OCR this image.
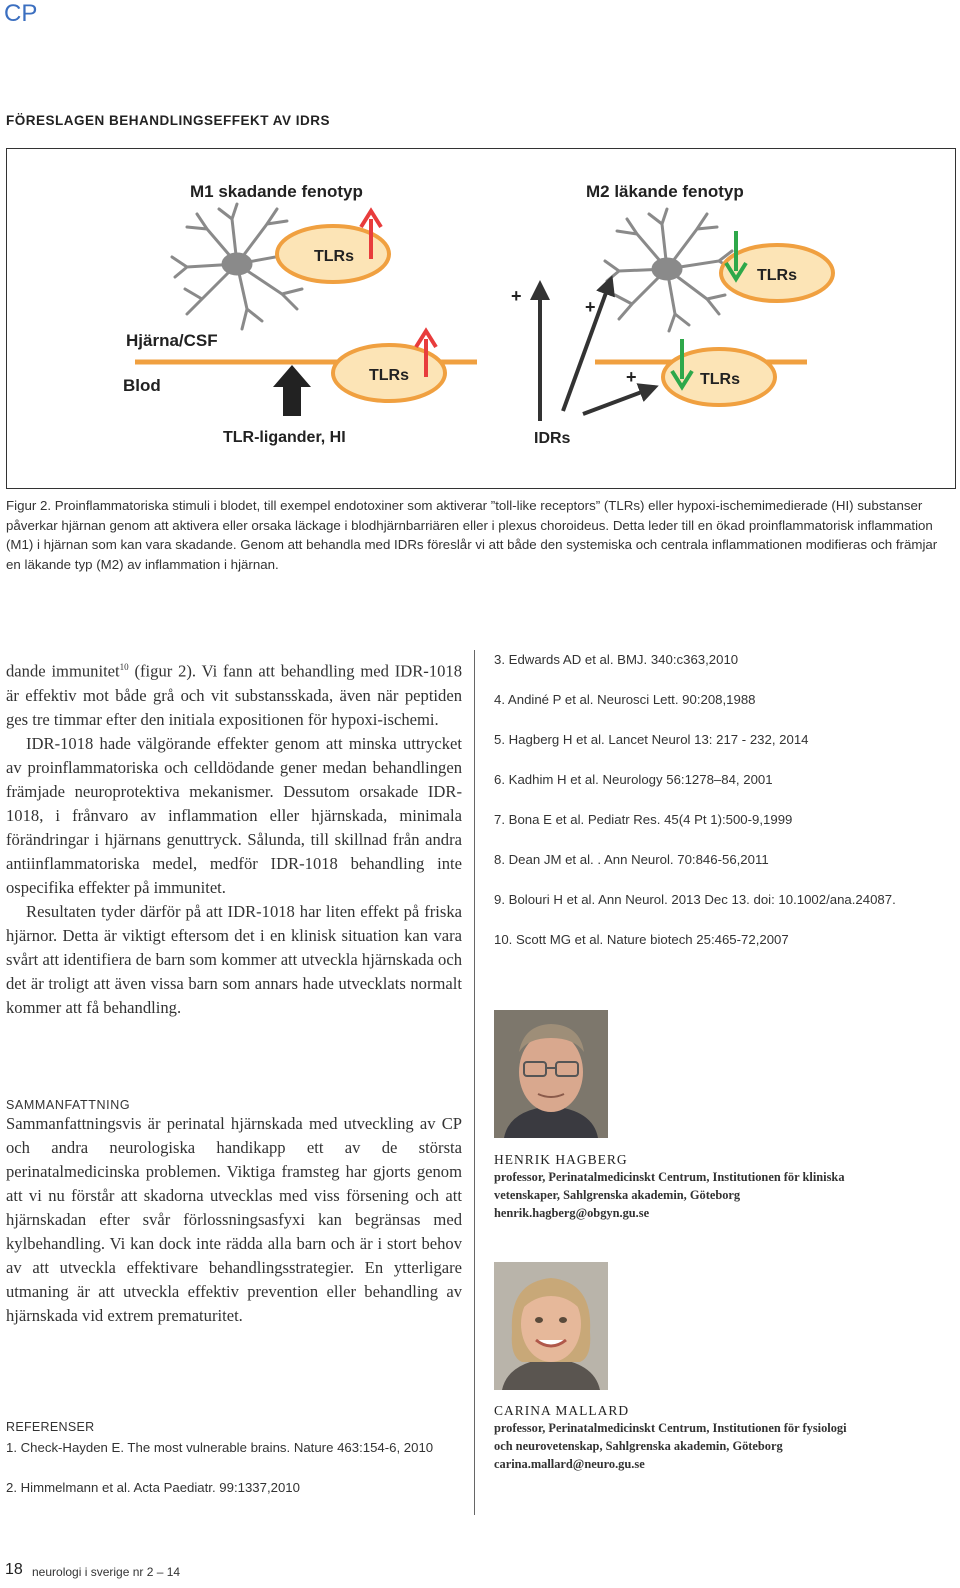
CP
FÖRESLAGEN BEHANDLINGSEFFEKT AV IDRS
M1 skadande fenotyp	M2 läkande fenotyp
TLRs
TLRs
TLRs
TLRs
Hjärna/CSF
Blod
TLR-ligander, HI
+
+
+
IDRs
Figur 2. Proinflammatoriska stimuli i blodet, till exempel endotoxiner som aktiverar ”toll-like receptors” (TLRs) eller hypoxi-ischemimedierade (HI) substanser påverkar hjärnan genom att aktivera eller orsaka läckage i blodhjärnbarriären eller i plexus choroideus. Detta leder till en ökad proinflammatorisk inflammation (M1) i hjärnan som kan vara skadande. Genom att behandla med IDRs föreslår vi att både den systemiska och centrala inflammationen modifieras och främjar en läkande typ (M2) av inflammation i hjärnan.

dande immunitet$^{10}$ (figur 2). Vi fann att behandling med IDR-1018 är effektiv mot både grå och vit substansskada, även när peptiden ges tre timmar efter den initiala expositionen för hypoxi-ischemi.

IDR-1018 hade välgörande effekter genom att minska uttrycket av proinflammatoriska och celldödande gener medan behandlingen främjade neuroprotektiva mekanismer. Dessutom orsakade IDR-1018, i frånvaro av inflammation eller hjärnskada, minimala förändringar i hjärnans genuttryck. Sålunda, till skillnad från andra antiinflammatoriska medel, medför IDR-1018 behandling inte ospecifika effekter på immunitet.

Resultaten tyder därför på att IDR-1018 har liten effekt på friska hjärnor. Detta är viktigt eftersom det i en klinisk situation kan vara svårt att identifiera de barn som kommer att utveckla hjärnskada och det är troligt att även vissa barn som annars hade utvecklats normalt kommer att få behandling.

SAMMANFATTNING

Sammanfattningsvis är perinatal hjärnskada med utveckling av CP och andra neurologiska handikapp ett av de största perinatalmedicinska problemen. Viktiga framsteg har gjorts genom att vi nu förstår att skadorna utvecklas med viss försening och att hjärnskadan efter svår förlossningsasfyxi kan begränsas med kylbehandling. Vi kan dock inte rädda alla barn och är i stort behov av att utveckla effektivare behandlingsstrategier. En ytterligare utmaning är att utveckla effektiv prevention eller behandling av hjärnskada vid extrem prematuritet.

REFERENSER
1. Check-Hayden E. The most vulnerable brains. Nature 463:154-6, 2010
2. Himmelmann et al. Acta Paediatr. 99:1337,2010
3. Edwards AD et al. BMJ. 340:c363,2010
4. Andiné P et al. Neurosci Lett. 90:208,1988
5. Hagberg H et al. Lancet Neurol 13: 217 - 232, 2014
6. Kadhim H et al. Neurology 56:1278–84, 2001
7. Bona E et al. Pediatr Res. 45(4 Pt 1):500-9,1999
8. Dean JM et al. . Ann Neurol. 70:846-56,2011
9. Bolouri H et al. Ann Neurol. 2013 Dec 13. doi: 10.1002/ana.24087.
10. Scott MG et al. Nature biotech 25:465-72,2007
HENRIK HAGBERG
professor, Perinatalmedicinskt Centrum, Institutionen för kliniska
vetenskaper, Sahlgrenska akademin, Göteborg
henrik.hagberg@obgyn.gu.se
CARINA MALLARD
professor, Perinatalmedicinskt Centrum, Institutionen för fysiologi
och neurovetenskap, Sahlgrenska akademin, Göteborg
carina.mallard@neuro.gu.se
18 neurologi i sverige nr 2 – 14
